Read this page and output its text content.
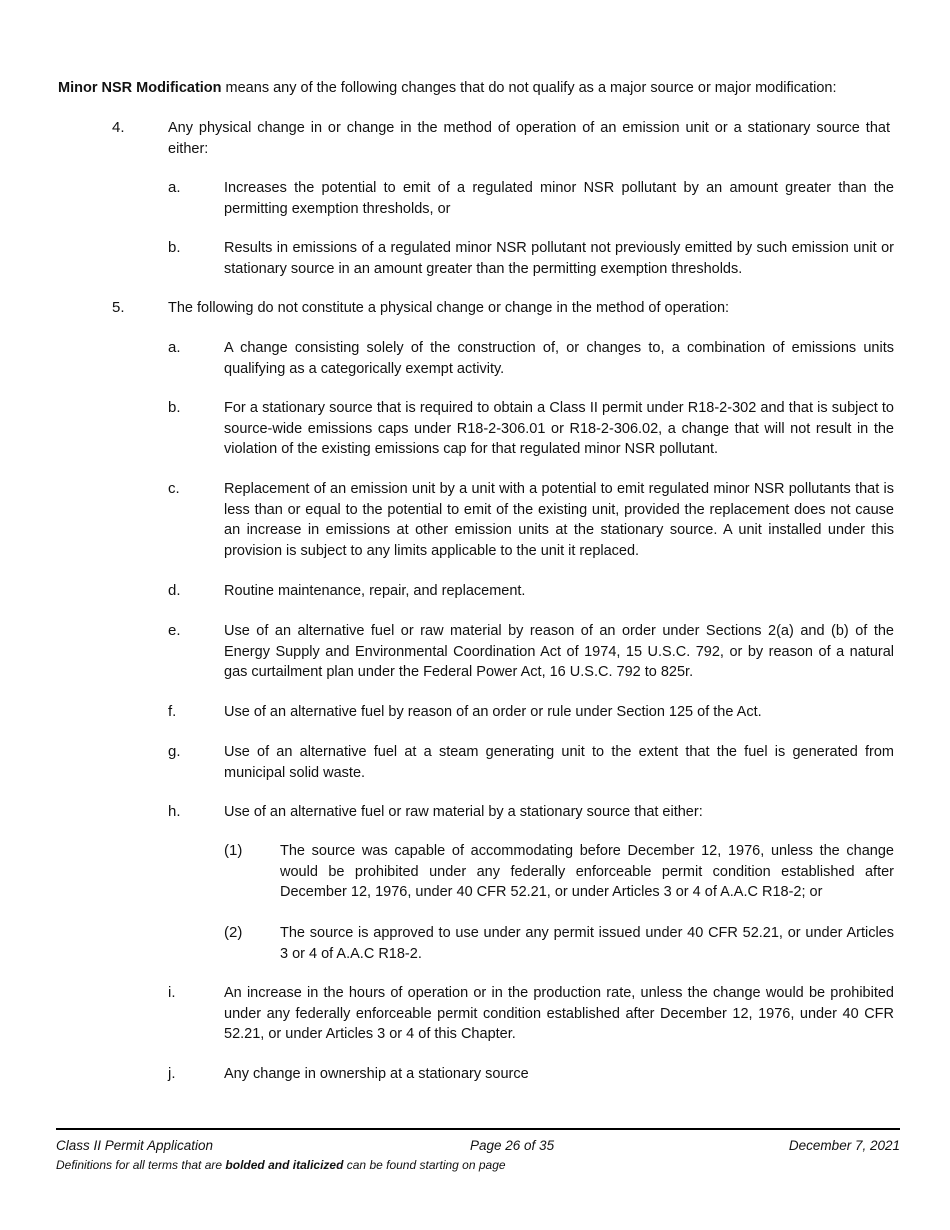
Minor NSR Modification means any of the following changes that do not qualify as a major source or major modification:
4.	Any physical change in or change in the method of operation of an emission unit or a stationary source that either:
a.	Increases the potential to emit of a regulated minor NSR pollutant by an amount greater than the permitting exemption thresholds, or
b.	Results in emissions of a regulated minor NSR pollutant not previously emitted by such emission unit or stationary source in an amount greater than the permitting exemption thresholds.
5.	The following do not constitute a physical change or change in the method of operation:
a.	A change consisting solely of the construction of, or changes to, a combination of emissions units qualifying as a categorically exempt activity.
b.	For a stationary source that is required to obtain a Class II permit under R18-2-302 and that is subject to source-wide emissions caps under R18-2-306.01 or R18-2-306.02, a change that will not result in the violation of the existing emissions cap for that regulated minor NSR pollutant.
c.	Replacement of an emission unit by a unit with a potential to emit regulated minor NSR pollutants that is less than or equal to the potential to emit of the existing unit, provided the replacement does not cause an increase in emissions at other emission units at the stationary source. A unit installed under this provision is subject to any limits applicable to the unit it replaced.
d.	Routine maintenance, repair, and replacement.
e.	Use of an alternative fuel or raw material by reason of an order under Sections 2(a) and (b) of the Energy Supply and Environmental Coordination Act of 1974, 15 U.S.C. 792, or by reason of a natural gas curtailment plan under the Federal Power Act, 16 U.S.C. 792 to 825r.
f.	Use of an alternative fuel by reason of an order or rule under Section 125 of the Act.
g.	Use of an alternative fuel at a steam generating unit to the extent that the fuel is generated from municipal solid waste.
h.	Use of an alternative fuel or raw material by a stationary source that either:
(1)	The source was capable of accommodating before December 12, 1976, unless the change would be prohibited under any federally enforceable permit condition established after December 12, 1976, under 40 CFR 52.21, or under Articles 3 or 4 of A.A.C R18-2; or
(2)	The source is approved to use under any permit issued under 40 CFR 52.21, or under Articles 3 or 4 of A.A.C R18-2.
i.	An increase in the hours of operation or in the production rate, unless the change would be prohibited under any federally enforceable permit condition established after December 12, 1976, under 40 CFR 52.21, or under Articles 3 or 4 of this Chapter.
j.	Any change in ownership at a stationary source
Class II Permit Application	Page 26 of 35	December 7, 2021
Definitions for all terms that are bolded and italicized can be found starting on page
